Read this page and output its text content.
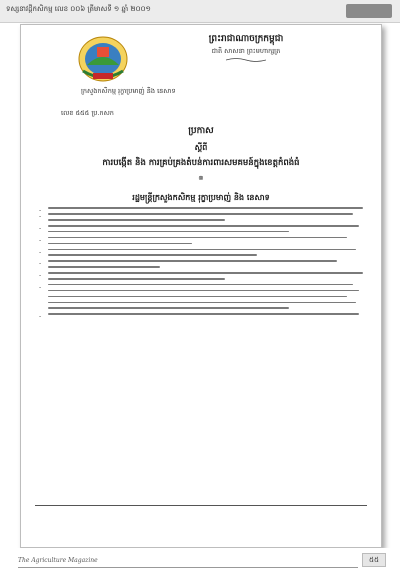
ទស្សនាវដ្តីកសិកម្ម លេខ ០០៦ ត្រីមាសទី ១ ឆ្នាំ ២០០១
ក្រសួងកសិកម្ម រុក្ខាប្រមាញ់ និង នេសាទ
លេខ ៥៥៥ ប្រ.កសក
ព្រះរាជាណាចក្រកម្ពុជា
ជាតិ សាសនា ព្រះមហាក្សត្រ
ប្រកាស
ស្តីពី
ការបង្កើត និង ការគ្រប់គ្រងតំបន់ការពារសមគមន៍ក្នុងខេត្តកំពង់ធំ
៙
រដ្ឋមន្ត្រីក្រសួងកសិកម្ម រុក្ខាប្រមាញ់ និង នេសាទ
-
-
-
-
-
-
-
-
-
The Agriculture Magazine	៥៥
